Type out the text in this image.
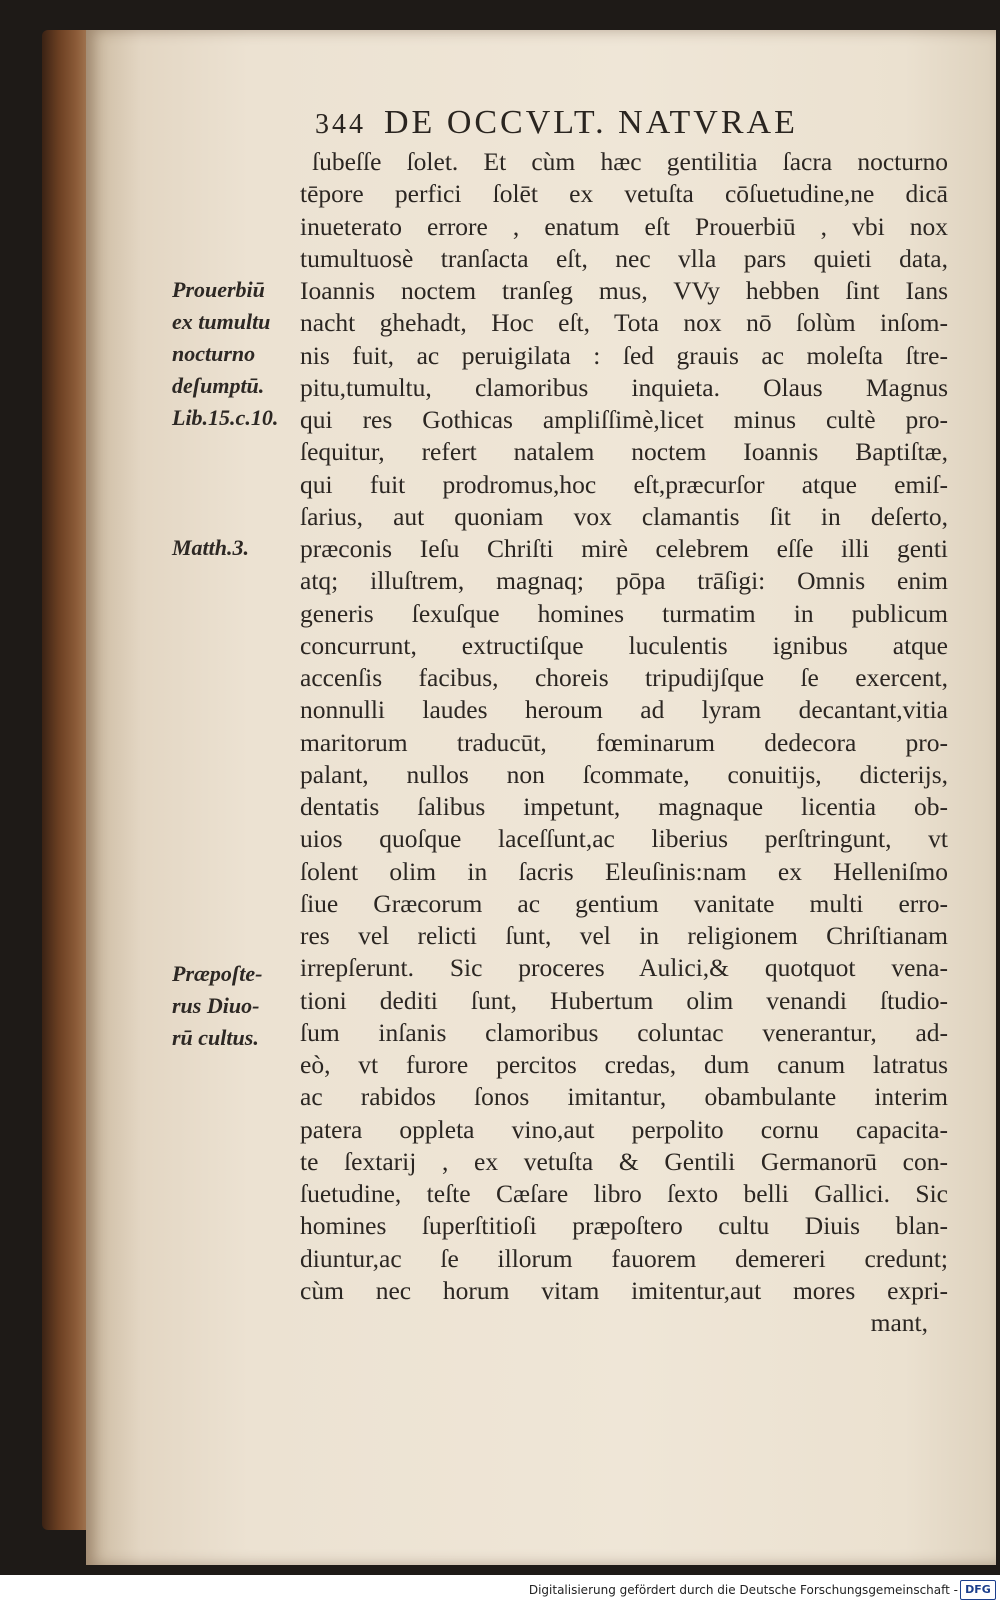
344 DE OCCVLT. NATVRAE
ſubeſſe ſolet. Et cùm hæc gentilitia ſacra nocturno
tēpore perfici ſolēt ex vetuſta cōſuetudine,ne dicā
inueterato errore , enatum eſt Prouerbiū , vbi nox
tumultuosè tranſacta eſt, nec vlla pars quieti data,
Ioannis noctem tranſeg mus, VVy hebben ſint Ians
nacht ghehadt, Hoc eſt, Tota nox nō ſolùm inſom-
nis fuit, ac peruigilata : ſed grauis ac moleſta ſtre-
pitu,tumultu, clamoribus inquieta. Olaus Magnus
qui res Gothicas ampliſſimè,licet minus cultè pro-
ſequitur, refert natalem noctem Ioannis Baptiſtæ,
qui fuit prodromus,hoc eſt,præcurſor atque emiſ-
ſarius, aut quoniam vox clamantis ſit in deſerto,
præconis Ieſu Chriſti mirè celebrem eſſe illi genti
atq; illuſtrem, magnaq; pōpa trāſigi: Omnis enim
generis ſexuſque homines turmatim in publicum
concurrunt, extructiſque luculentis ignibus atque
accenſis facibus, choreis tripudijſque ſe exercent,
nonnulli laudes heroum ad lyram decantant,vitia
maritorum traducūt, fœminarum dedecora pro-
palant, nullos non ſcommate, conuitijs, dicterijs,
dentatis ſalibus impetunt, magnaque licentia ob-
uios quoſque laceſſunt,ac liberius perſtringunt, vt
ſolent olim in ſacris Eleuſinis:nam ex Helleniſmo
ſiue Græcorum ac gentium vanitate multi erro-
res vel relicti ſunt, vel in religionem Chriſtianam
irrepſerunt. Sic proceres Aulici,& quotquot vena-
tioni dediti ſunt, Hubertum olim venandi ſtudio-
ſum inſanis clamoribus coluntac venerantur, ad-
eò, vt furore percitos credas, dum canum latratus
ac rabidos ſonos imitantur, obambulante interim
patera oppleta vino,aut perpolito cornu capacita-
te ſextarij , ex vetuſta & Gentili Germanorū con-
ſuetudine, teſte Cæſare libro ſexto belli Gallici. Sic
homines ſuperſtitioſi præpoſtero cultu Diuis blan-
diuntur,ac ſe illorum fauorem demereri credunt;
cùm nec horum vitam imitentur,aut mores expri-
mant,
Prouerbiū
ex tumultu
nocturno
deſumptū.
Lib.15.c.10.
Matth.3.
Præpoſte-
rus Diuo-
rū cultus.
Digitalisierung gefördert durch die Deutsche Forschungsgemeinschaft - DFG
